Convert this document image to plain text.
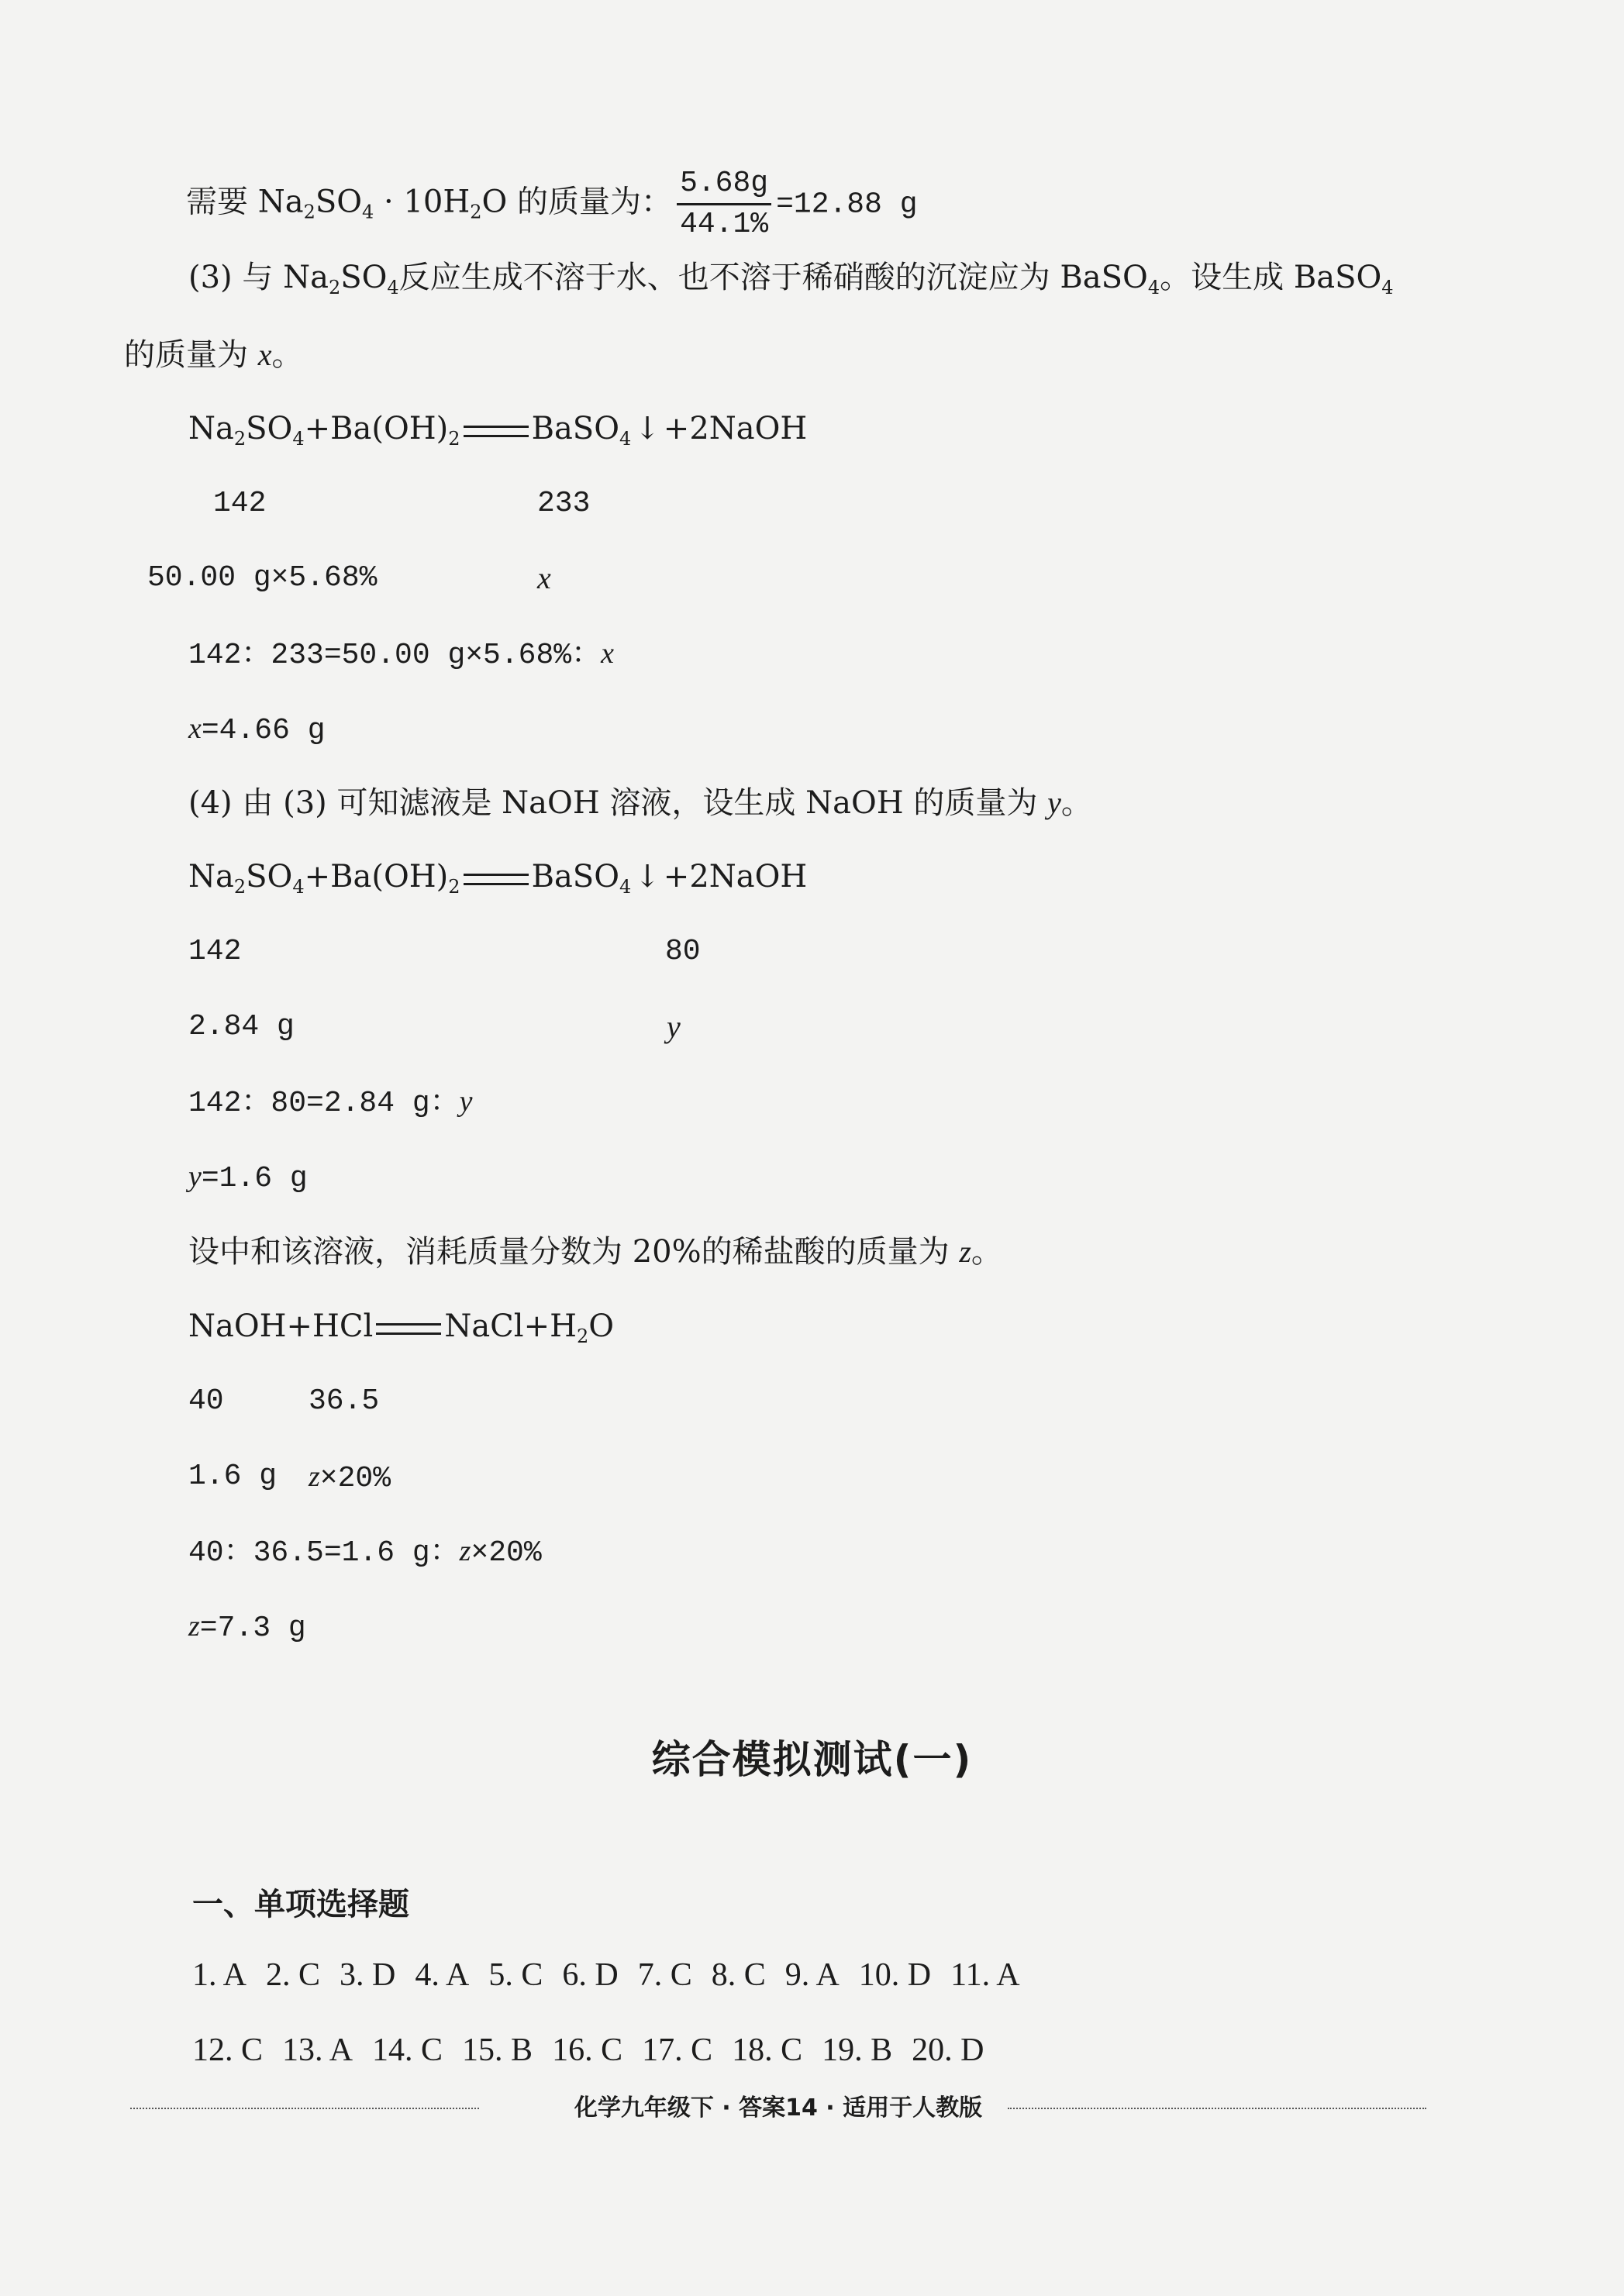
需要 $Na_2SO_4 \cdot 10H_2O$ 的质量为： $\frac{5.68g}{44.1\%} =12.88$ g
(3) 与 $Na_2SO_4$反应生成不溶于水、也不溶于稀硝酸的沉淀应为 BaSO$_4$。设生成 BaSO$_4$
的质量为 x。
$Na_2SO_4+Ba(OH)_2$ BaSO$_4$ ↓ +2NaOH
142	233
50.00 g×5.68%	x
142：233=50.00 g×5.68%：x
x=4.66 g
(4) 由 (3) 可知滤液是 NaOH 溶液，设生成 NaOH 的质量为 y。
$Na_2SO_4+Ba(OH)_2$ BaSO$_4$ ↓ +2NaOH
142	80
2.84 g	y
142：80=2.84 g：y
y=1.6 g
设中和该溶液，消耗质量分数为 20%的稀盐酸的质量为 z。
NaOH+HCl $NaCl+H_2O$
40	36.5
1.6 g z×20%
40：36.5=1.6 g：z×20%
z=7.3 g
综合模拟测试(一)
一、单项选择题
1. A 2. C 3. D 4. A 5. C 6. D 7. C 8. C 9. A 10. D 11. A
12. C 13. A 14. C 15. B 16. C 17. C 18. C 19. B 20. D
化学九年级下 · 答案14 · 适用于人教版
